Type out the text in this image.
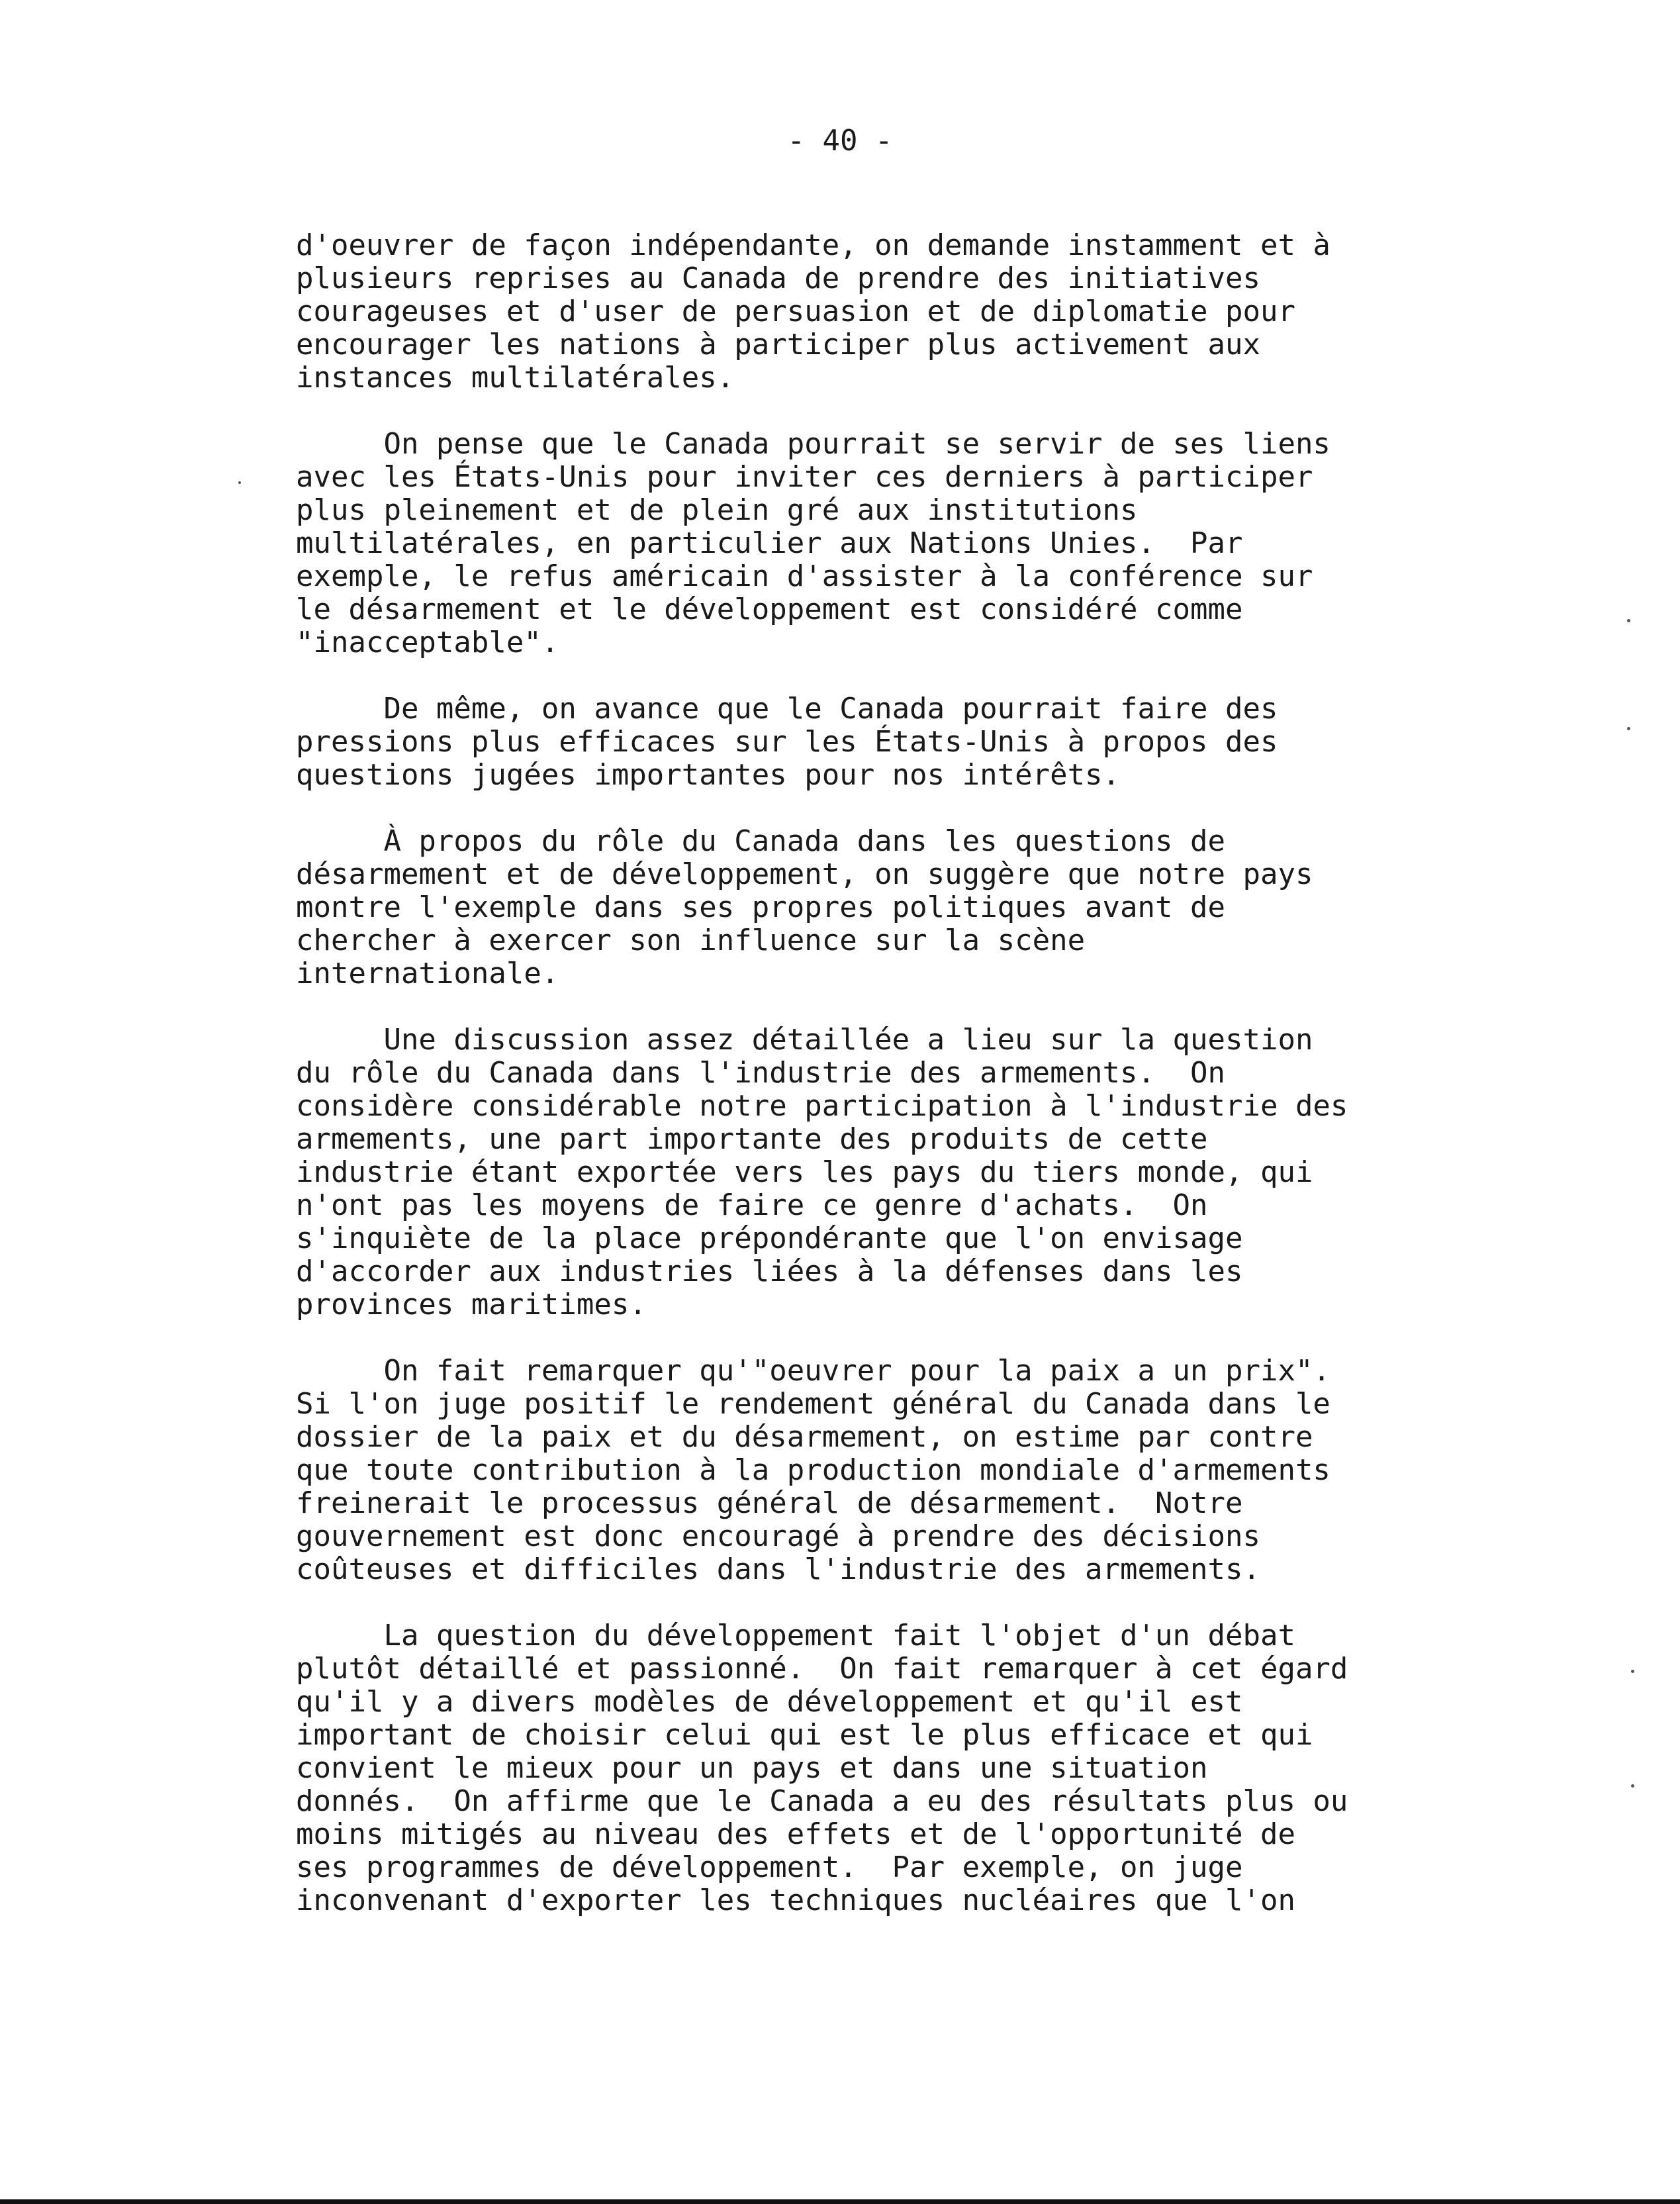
- 40 -
d'oeuvrer de façon indépendante, on demande instamment et à
plusieurs reprises au Canada de prendre des initiatives
courageuses et d'user de persuasion et de diplomatie pour
encourager les nations à participer plus activement aux
instances multilatérales.
On pense que le Canada pourrait se servir de ses liens
avec les États-Unis pour inviter ces derniers à participer
plus pleinement et de plein gré aux institutions
multilatérales, en particulier aux Nations Unies.  Par
exemple, le refus américain d'assister à la conférence sur
le désarmement et le développement est considéré comme
"inacceptable".
De même, on avance que le Canada pourrait faire des
pressions plus efficaces sur les États-Unis à propos des
questions jugées importantes pour nos intérêts.
À propos du rôle du Canada dans les questions de
désarmement et de développement, on suggère que notre pays
montre l'exemple dans ses propres politiques avant de
chercher à exercer son influence sur la scène
internationale.
Une discussion assez détaillée a lieu sur la question
du rôle du Canada dans l'industrie des armements.  On
considère considérable notre participation à l'industrie des
armements, une part importante des produits de cette
industrie étant exportée vers les pays du tiers monde, qui
n'ont pas les moyens de faire ce genre d'achats.  On
s'inquiète de la place prépondérante que l'on envisage
d'accorder aux industries liées à la défenses dans les
provinces maritimes.
On fait remarquer qu'"oeuvrer pour la paix a un prix".
Si l'on juge positif le rendement général du Canada dans le
dossier de la paix et du désarmement, on estime par contre
que toute contribution à la production mondiale d'armements
freinerait le processus général de désarmement.  Notre
gouvernement est donc encouragé à prendre des décisions
coûteuses et difficiles dans l'industrie des armements.
La question du développement fait l'objet d'un débat
plutôt détaillé et passionné.  On fait remarquer à cet égard
qu'il y a divers modèles de développement et qu'il est
important de choisir celui qui est le plus efficace et qui
convient le mieux pour un pays et dans une situation
donnés.  On affirme que le Canada a eu des résultats plus ou
moins mitigés au niveau des effets et de l'opportunité de
ses programmes de développement.  Par exemple, on juge
inconvenant d'exporter les techniques nucléaires que l'on
